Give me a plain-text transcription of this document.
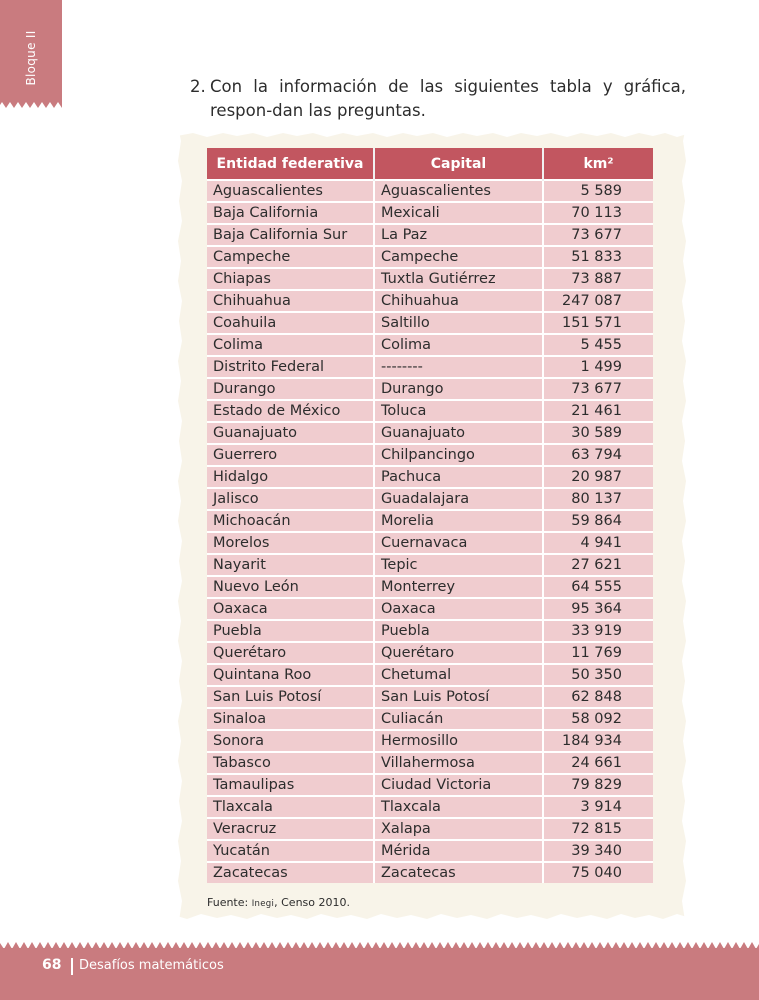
Bloque II
2. Con la información de las siguientes tabla y gráfica, respon-dan las preguntas.
Entidad federativa	Capital	km²
Aguascalientes	Aguascalientes	5 589
Baja California	Mexicali	70 113
Baja California Sur	La Paz	73 677
Campeche	Campeche	51 833
Chiapas	Tuxtla Gutiérrez	73 887
Chihuahua	Chihuahua	247 087
Coahuila	Saltillo	151 571
Colima	Colima	5 455
Distrito Federal	--------	1 499
Durango	Durango	73 677
Estado de México	Toluca	21 461
Guanajuato	Guanajuato	30 589
Guerrero	Chilpancingo	63 794
Hidalgo	Pachuca	20 987
Jalisco	Guadalajara	80 137
Michoacán	Morelia	59 864
Morelos	Cuernavaca	4 941
Nayarit	Tepic	27 621
Nuevo León	Monterrey	64 555
Oaxaca	Oaxaca	95 364
Puebla	Puebla	33 919
Querétaro	Querétaro	11 769
Quintana Roo	Chetumal	50 350
San Luis Potosí	San Luis Potosí	62 848
Sinaloa	Culiacán	58 092
Sonora	Hermosillo	184 934
Tabasco	Villahermosa	24 661
Tamaulipas	Ciudad Victoria	79 829
Tlaxcala	Tlaxcala	3 914
Veracruz	Xalapa	72 815
Yucatán	Mérida	39 340
Zacatecas	Zacatecas	75 040
Fuente: Inegi, Censo 2010.
68 Desafíos matemáticos
